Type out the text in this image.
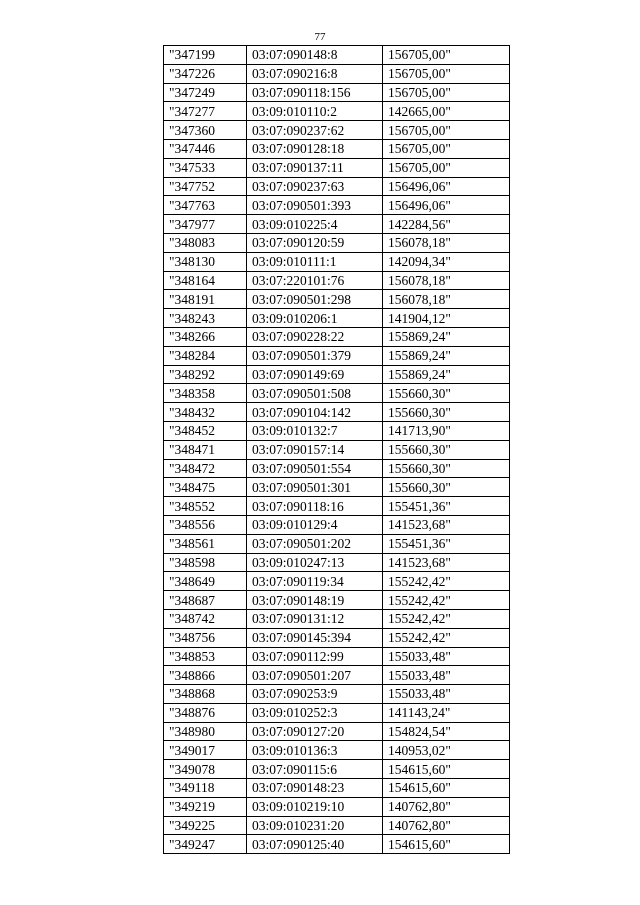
77
"347199	03:07:090148:8	156705,00"
"347226	03:07:090216:8	156705,00"
"347249	03:07:090118:156	156705,00"
"347277	03:09:010110:2	142665,00"
"347360	03:07:090237:62	156705,00"
"347446	03:07:090128:18	156705,00"
"347533	03:07:090137:11	156705,00"
"347752	03:07:090237:63	156496,06"
"347763	03:07:090501:393	156496,06"
"347977	03:09:010225:4	142284,56"
"348083	03:07:090120:59	156078,18"
"348130	03:09:010111:1	142094,34"
"348164	03:07:220101:76	156078,18"
"348191	03:07:090501:298	156078,18"
"348243	03:09:010206:1	141904,12"
"348266	03:07:090228:22	155869,24"
"348284	03:07:090501:379	155869,24"
"348292	03:07:090149:69	155869,24"
"348358	03:07:090501:508	155660,30"
"348432	03:07:090104:142	155660,30"
"348452	03:09:010132:7	141713,90"
"348471	03:07:090157:14	155660,30"
"348472	03:07:090501:554	155660,30"
"348475	03:07:090501:301	155660,30"
"348552	03:07:090118:16	155451,36"
"348556	03:09:010129:4	141523,68"
"348561	03:07:090501:202	155451,36"
"348598	03:09:010247:13	141523,68"
"348649	03:07:090119:34	155242,42"
"348687	03:07:090148:19	155242,42"
"348742	03:07:090131:12	155242,42"
"348756	03:07:090145:394	155242,42"
"348853	03:07:090112:99	155033,48"
"348866	03:07:090501:207	155033,48"
"348868	03:07:090253:9	155033,48"
"348876	03:09:010252:3	141143,24"
"348980	03:07:090127:20	154824,54"
"349017	03:09:010136:3	140953,02"
"349078	03:07:090115:6	154615,60"
"349118	03:07:090148:23	154615,60"
"349219	03:09:010219:10	140762,80"
"349225	03:09:010231:20	140762,80"
"349247	03:07:090125:40	154615,60"
